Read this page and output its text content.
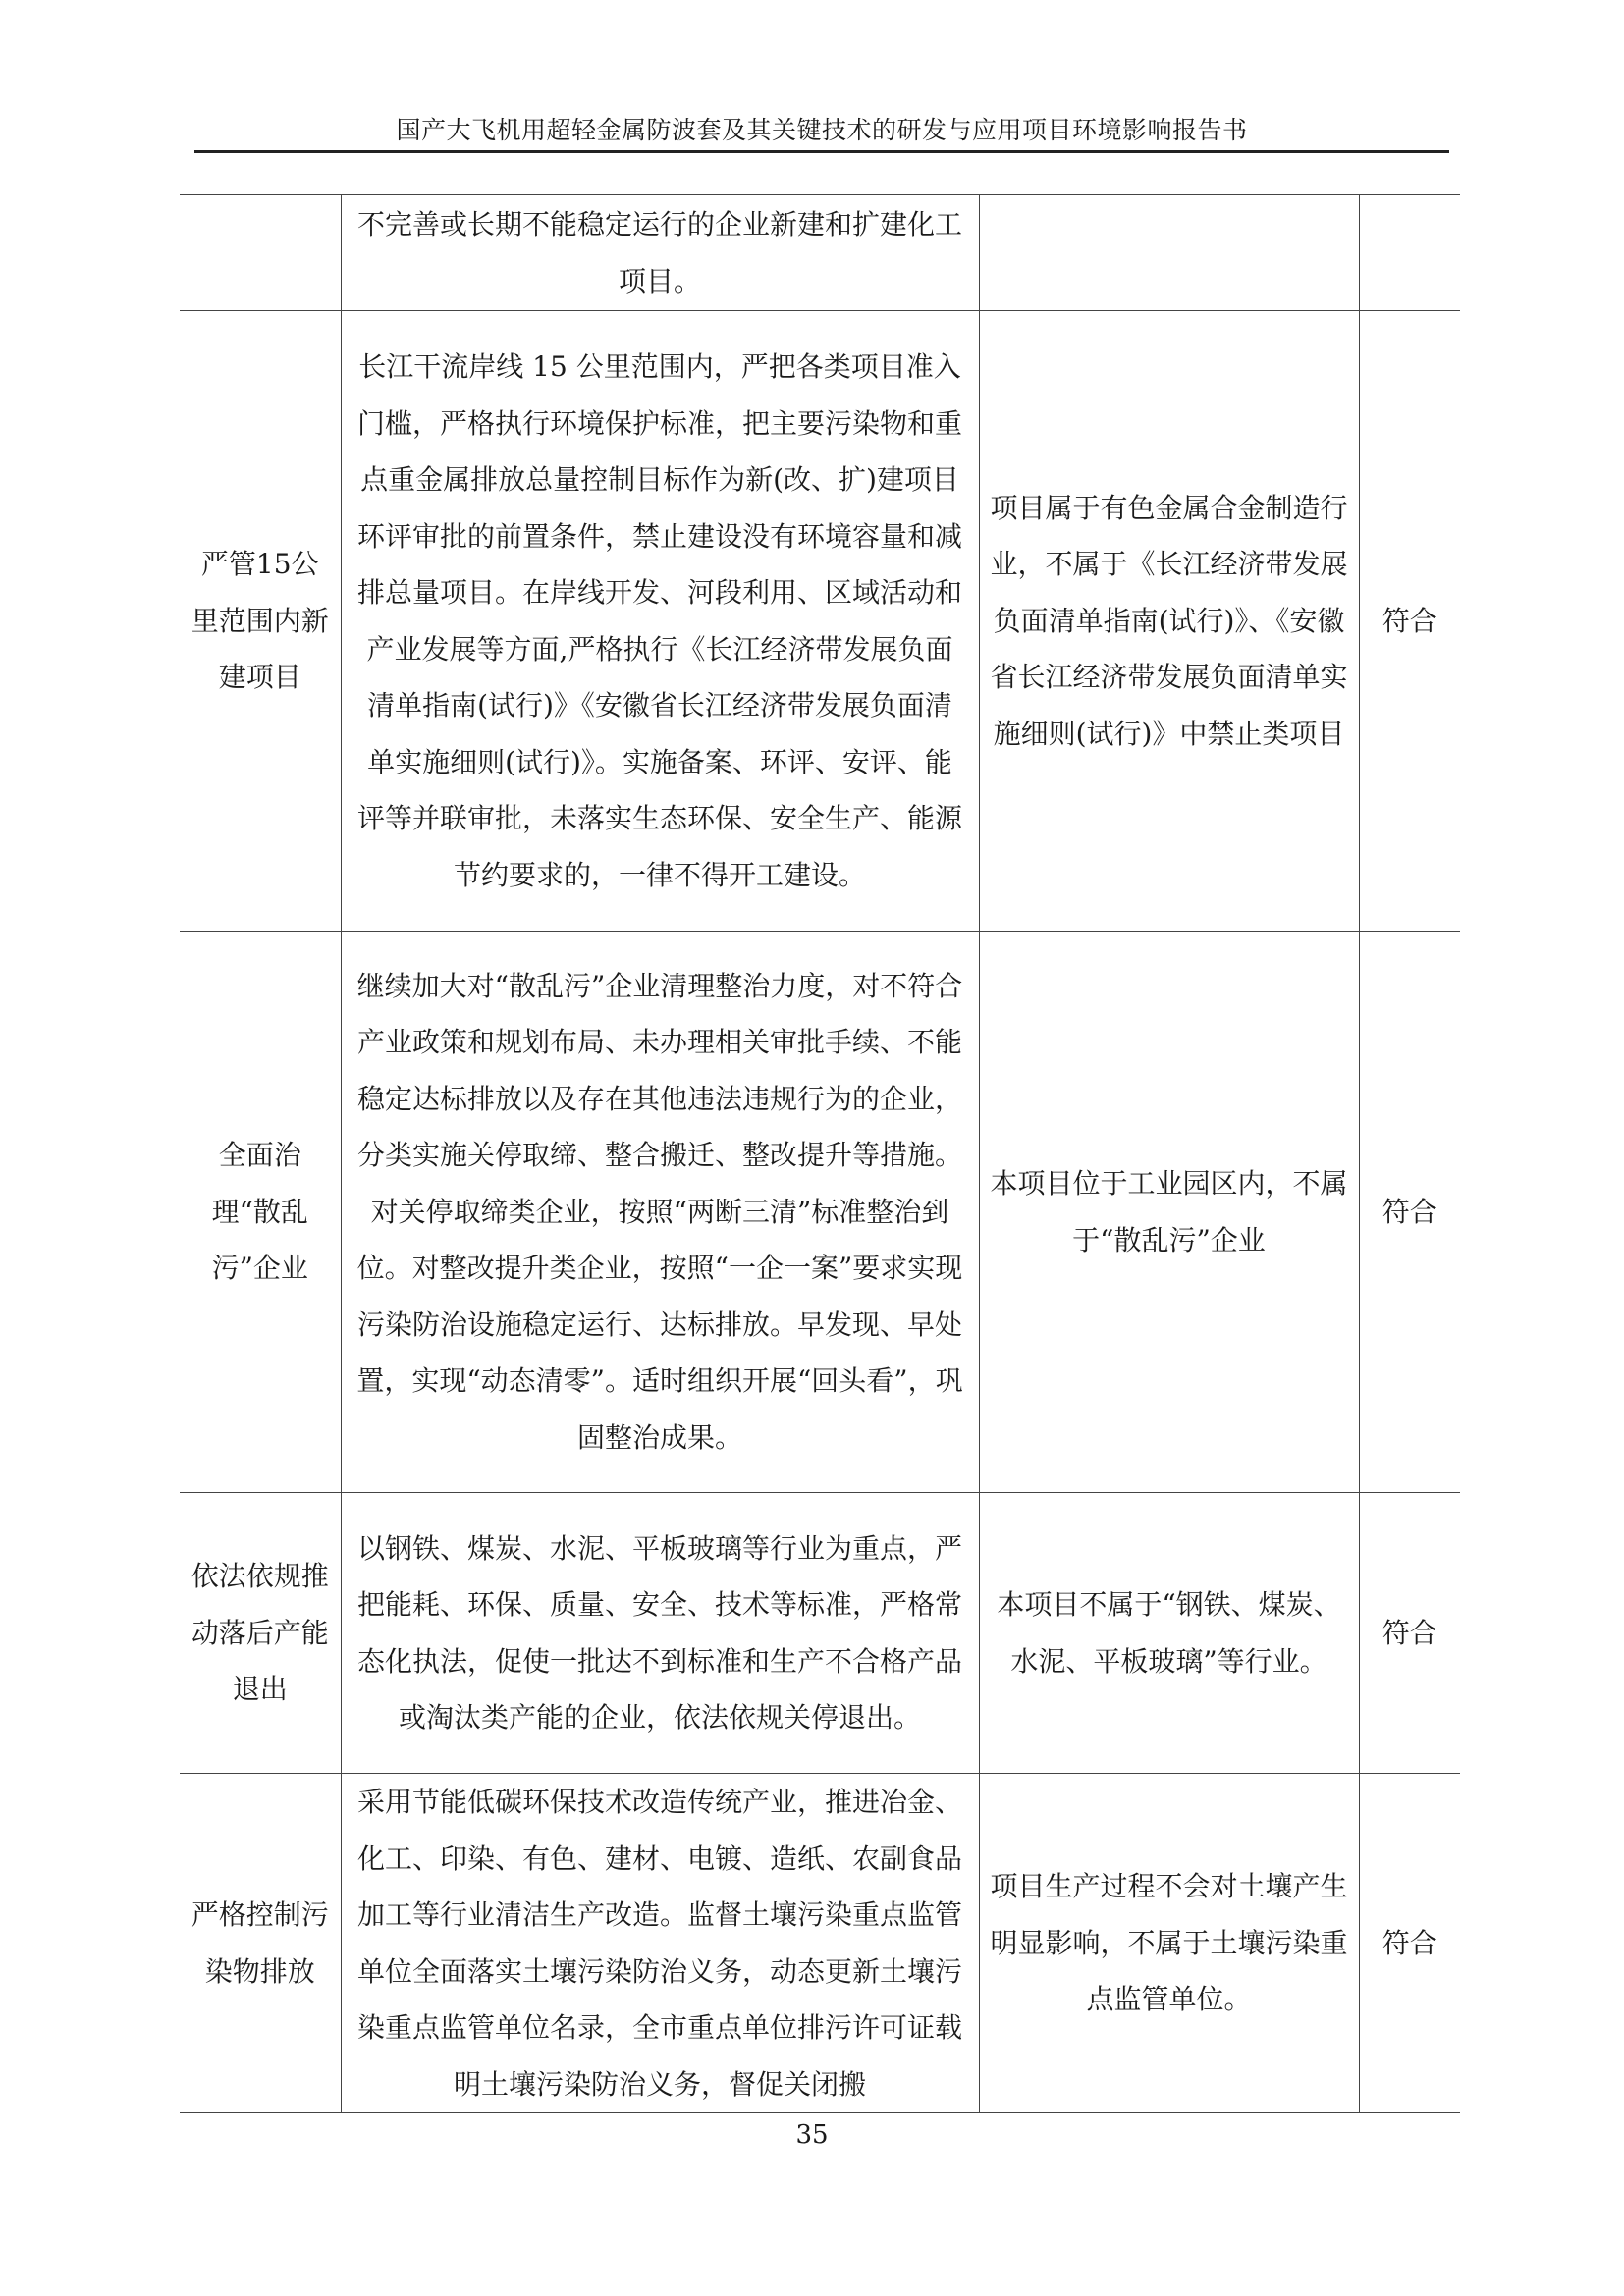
国产大飞机用超轻金属防波套及其关键技术的研发与应用项目环境影响报告书
	不完善或长期不能稳定运行的企业新建和扩建化工项目。		
严管15公里范围内新建项目	长江干流岸线 15 公里范围内，严把各类项目准入门槛，严格执行环境保护标准，把主要污染物和重点重金属排放总量控制目标作为新(改、扩)建项目环评审批的前置条件，禁止建设没有环境容量和减排总量项目。在岸线开发、河段利用、区域活动和产业发展等方面,严格执行《长江经济带发展负面清单指南(试行)》《安徽省长江经济带发展负面清单实施细则(试行)》。实施备案、环评、安评、能评等并联审批，未落实生态环保、安全生产、能源节约要求的，一律不得开工建设。	项目属于有色金属合金制造行业，不属于《长江经济带发展负面清单指南(试行)》、《安徽省长江经济带发展负面清单实施细则(试行)》中禁止类项目	符合
全面治理“散乱污”企业	继续加大对“散乱污”企业清理整治力度，对不符合产业政策和规划布局、未办理相关审批手续、不能稳定达标排放以及存在其他违法违规行为的企业，分类实施关停取缔、整合搬迁、整改提升等措施。对关停取缔类企业，按照“两断三清”标准整治到位。对整改提升类企业，按照“一企一案”要求实现污染防治设施稳定运行、达标排放。早发现、早处置，实现“动态清零”。适时组织开展“回头看”，巩固整治成果。	本项目位于工业园区内，不属于“散乱污”企业	符合
依法依规推动落后产能退出	以钢铁、煤炭、水泥、平板玻璃等行业为重点，严把能耗、环保、质量、安全、技术等标准，严格常态化执法，促使一批达不到标准和生产不合格产品或淘汰类产能的企业，依法依规关停退出。	本项目不属于“钢铁、煤炭、水泥、平板玻璃”等行业。	符合
严格控制污染物排放	采用节能低碳环保技术改造传统产业，推进冶金、化工、印染、有色、建材、电镀、造纸、农副食品加工等行业清洁生产改造。监督土壤污染重点监管单位全面落实土壤污染防治义务，动态更新土壤污染重点监管单位名录，全市重点单位排污许可证载明土壤污染防治义务，督促关闭搬	项目生产过程不会对土壤产生明显影响，不属于土壤污染重点监管单位。	符合
35
